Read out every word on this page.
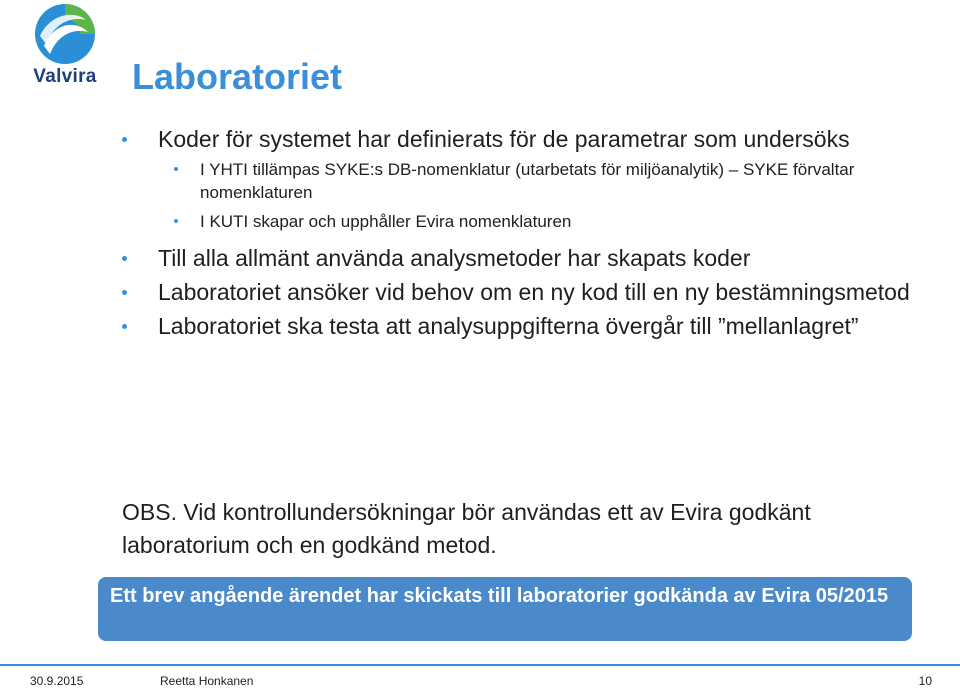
Valvira Laboratoriet
Koder för systemet har definierats för de parametrar som undersöks
I YHTI tillämpas SYKE:s DB-nomenklatur (utarbetats för miljöanalytik) – SYKE förvaltar nomenklaturen
I KUTI skapar och upphåller Evira nomenklaturen
Till alla allmänt använda analysmetoder har skapats koder
Laboratoriet ansöker vid behov om en ny kod till en ny bestämningsmetod
Laboratoriet ska testa att analysuppgifterna övergår till ”mellanlagret”

OBS. Vid kontrollundersökningar bör användas ett av Evira godkänt laboratorium och en godkänd metod.

Ett brev angående ärendet har skickats till laboratorier godkända av Evira 05/2015
30.9.2015	Reetta Honkanen	10
